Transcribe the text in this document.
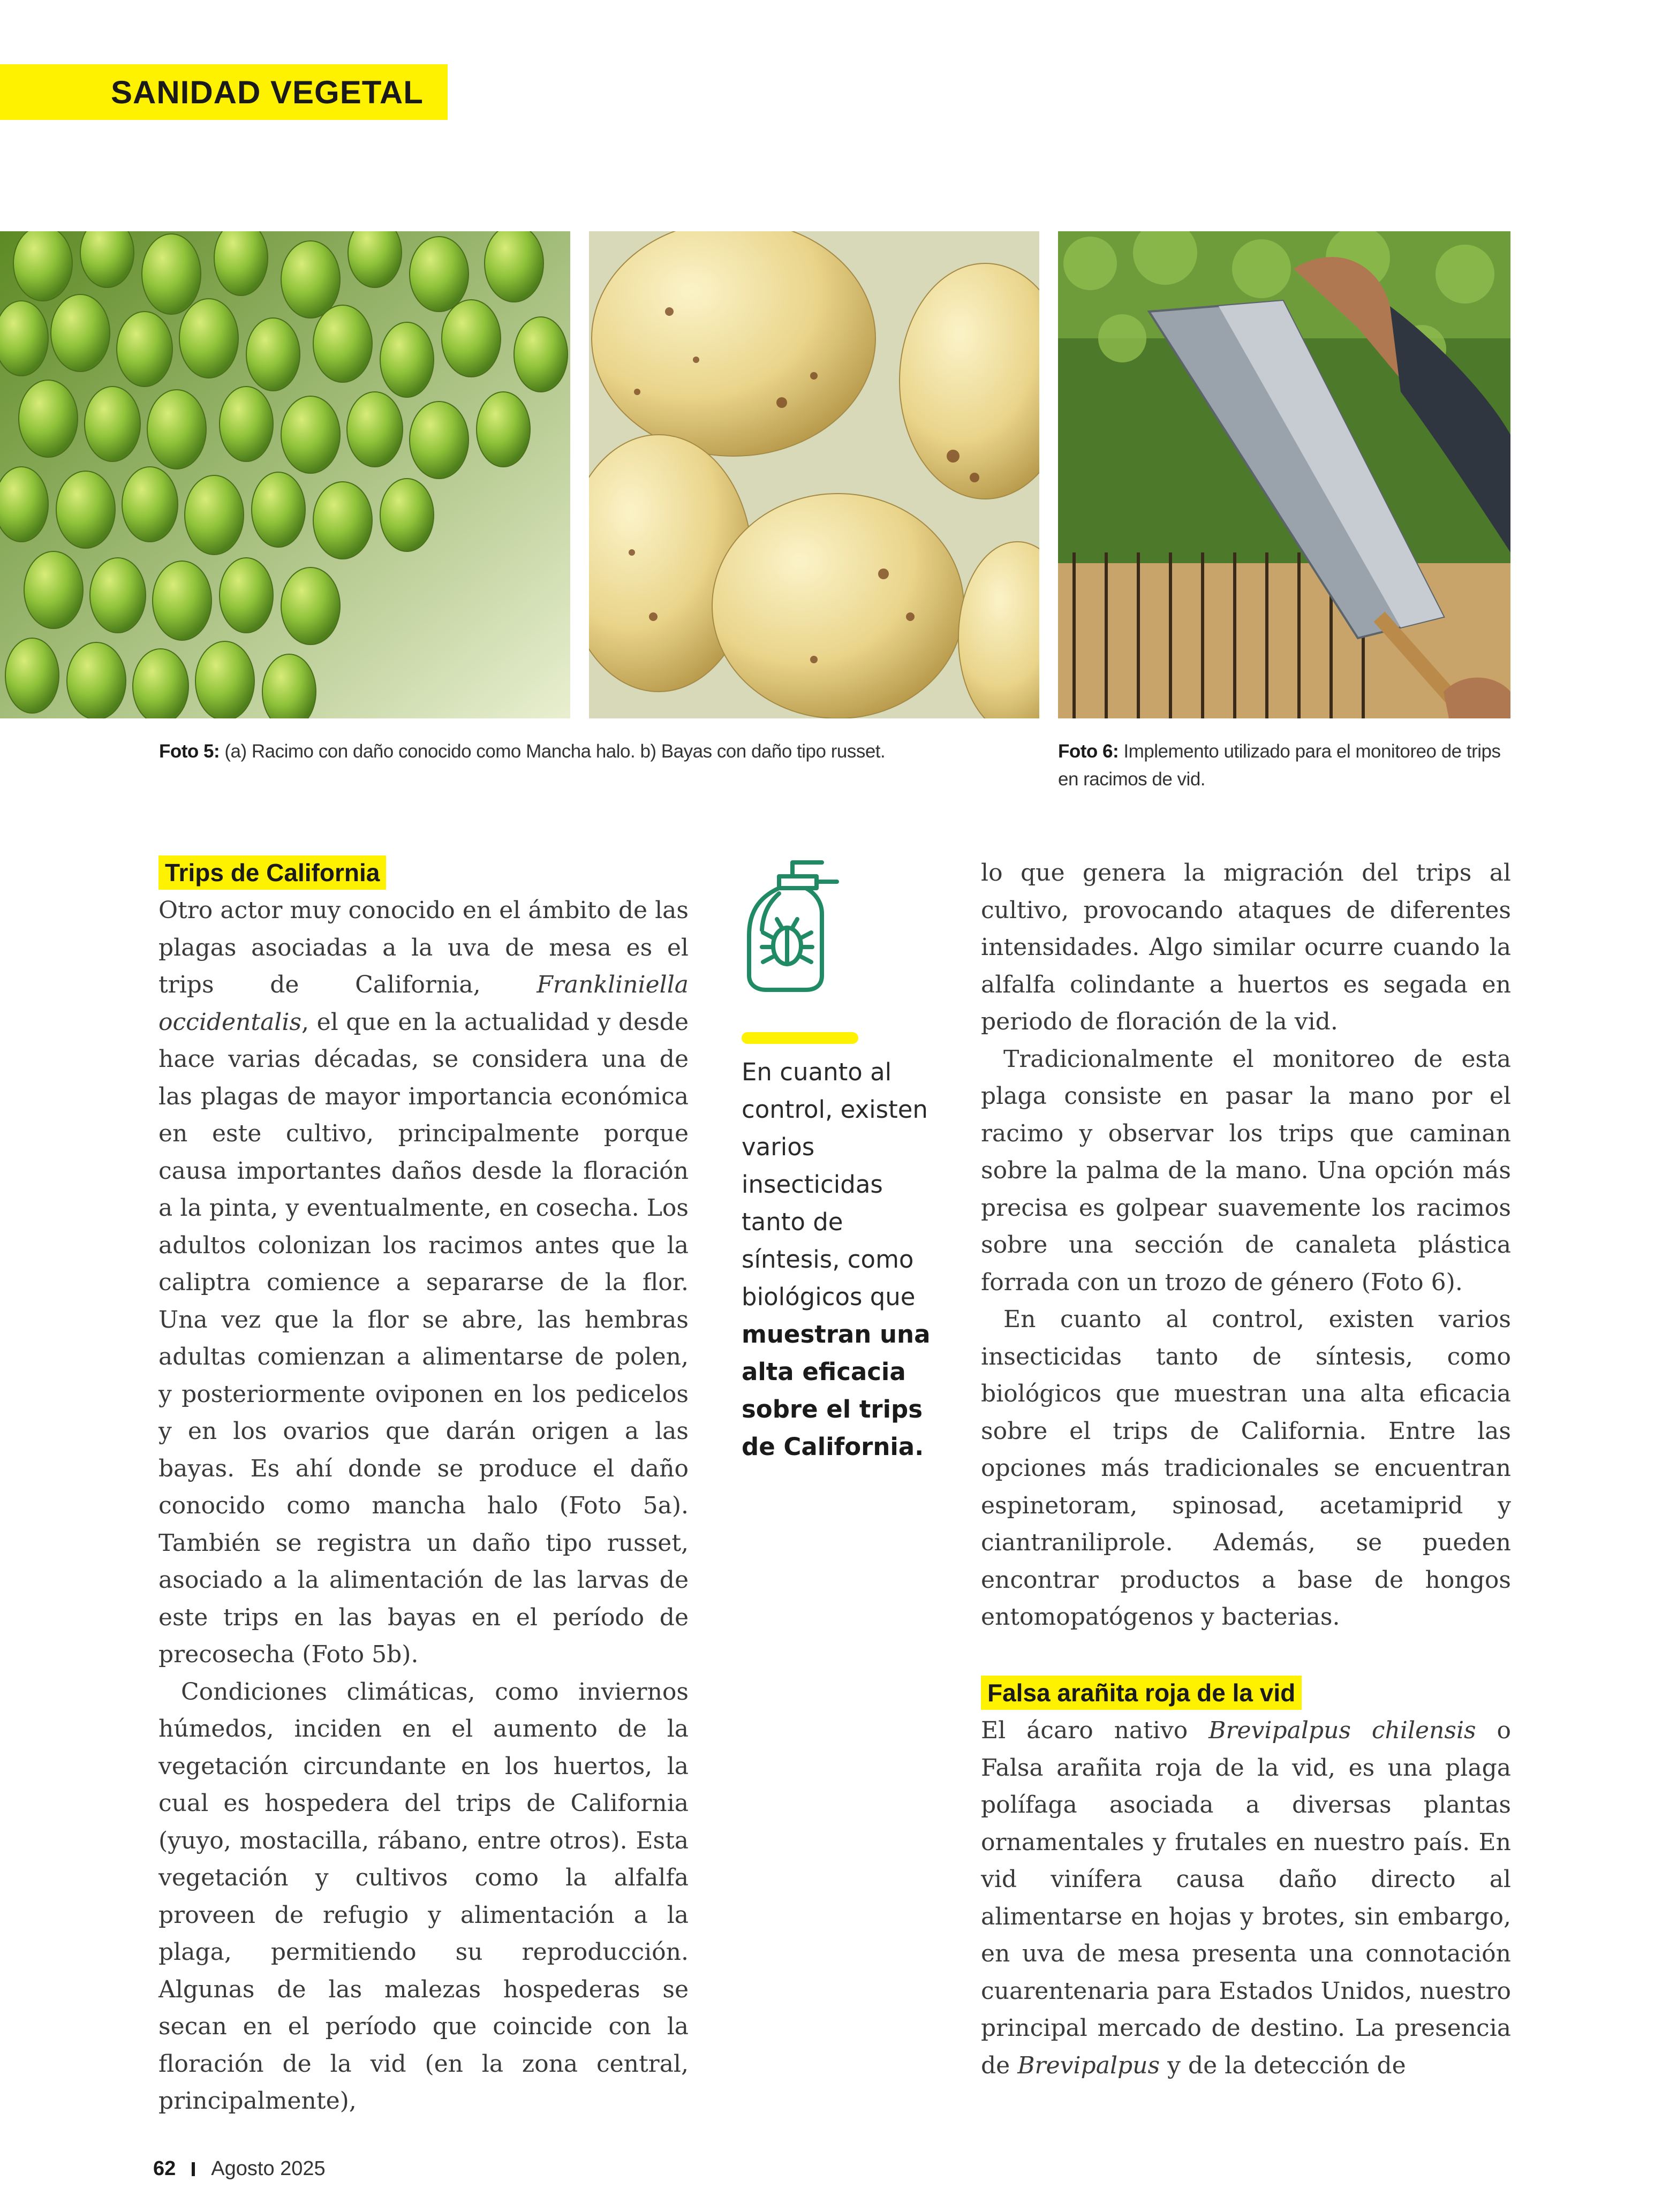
SANIDAD VEGETAL
Foto 5: (a) Racimo con daño conocido como Mancha halo. b) Bayas con daño tipo russet.	Foto 6: Implemento utilizado para el monitoreo de trips en racimos de vid.
Trips de California

Otro actor muy conocido en el ámbito de las plagas asociadas a la uva de mesa es el trips de California, Frankliniella occidentalis, el que en la actualidad y desde hace varias décadas, se considera una de las plagas de mayor importancia económica en este cultivo, principalmente porque causa importantes daños desde la floración a la pinta, y eventualmente, en cosecha. Los adultos colonizan los racimos antes que la caliptra comience a separarse de la flor. Una vez que la flor se abre, las hembras adultas comienzan a alimentarse de polen, y posteriormente oviponen en los pedicelos y en los ovarios que darán origen a las bayas. Es ahí donde se produce el daño conocido como mancha halo (Foto 5a). También se registra un daño tipo russet, asociado a la alimentación de las larvas de este trips en las bayas en el período de precosecha (Foto 5b).

Condiciones climáticas, como inviernos húmedos, inciden en el aumento de la vegetación circundante en los huertos, la cual es hospedera del trips de California (yuyo, mostacilla, rábano, entre otros). Esta vegetación y cultivos como la alfalfa proveen de refugio y alimentación a la plaga, permitiendo su reproducción. Algunas de las malezas hospederas se secan en el período que coincide con la floración de la vid (en la zona central, principalmente),

En cuanto al control, existen varios insecticidas tanto de síntesis, como biológicos que muestran una alta eficacia sobre el trips de California.

lo que genera la migración del trips al cultivo, provocando ataques de diferentes intensidades. Algo similar ocurre cuando la alfalfa colindante a huertos es segada en periodo de floración de la vid.

Tradicionalmente el monitoreo de esta plaga consiste en pasar la mano por el racimo y observar los trips que caminan sobre la palma de la mano. Una opción más precisa es golpear suavemente los racimos sobre una sección de canaleta plástica forrada con un trozo de género (Foto 6).

En cuanto al control, existen varios insecticidas tanto de síntesis, como biológicos que muestran una alta eficacia sobre el trips de California. Entre las opciones más tradicionales se encuentran espinetoram, spinosad, acetamiprid y ciantraniliprole. Además, se pueden encontrar productos a base de hongos entomopatógenos y bacterias.

Falsa arañita roja de la vid

El ácaro nativo Brevipalpus chilensis o Falsa arañita roja de la vid, es una plaga polífaga asociada a diversas plantas ornamentales y frutales en nuestro país. En vid vinífera causa daño directo al alimentarse en hojas y brotes, sin embargo, en uva de mesa presenta una connotación cuarentenaria para Estados Unidos, nuestro principal mercado de destino. La presencia de Brevipalpus y de la detección de

62 Agosto 2025
